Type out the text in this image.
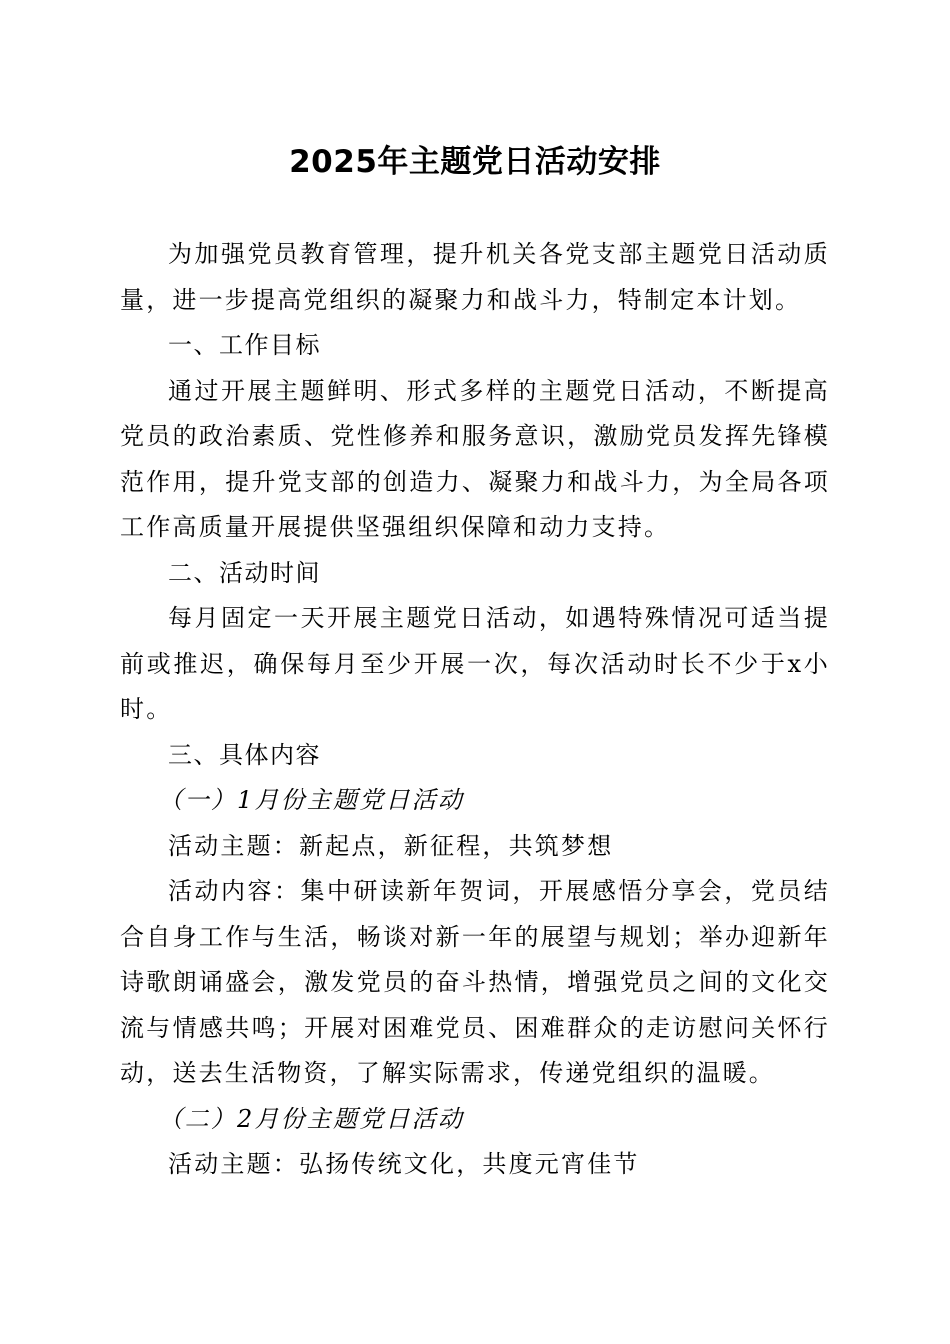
2025年主题党日活动安排

为加强党员教育管理，提升机关各党支部主题党日活动质量，进一步提高党组织的凝聚力和战斗力，特制定本计划。

一、工作目标

通过开展主题鲜明、形式多样的主题党日活动，不断提高党员的政治素质、党性修养和服务意识，激励党员发挥先锋模范作用，提升党支部的创造力、凝聚力和战斗力，为全局各项工作高质量开展提供坚强组织保障和动力支持。

二、活动时间

每月固定一天开展主题党日活动，如遇特殊情况可适当提前或推迟，确保每月至少开展一次，每次活动时长不少于x小时。

三、具体内容

（一）1月份主题党日活动

活动主题：新起点，新征程，共筑梦想

活动内容：集中研读新年贺词，开展感悟分享会，党员结合自身工作与生活，畅谈对新一年的展望与规划；举办迎新年诗歌朗诵盛会，激发党员的奋斗热情，增强党员之间的文化交流与情感共鸣；开展对困难党员、困难群众的走访慰问关怀行动，送去生活物资，了解实际需求，传递党组织的温暖。

（二）2月份主题党日活动

活动主题：弘扬传统文化，共度元宵佳节
